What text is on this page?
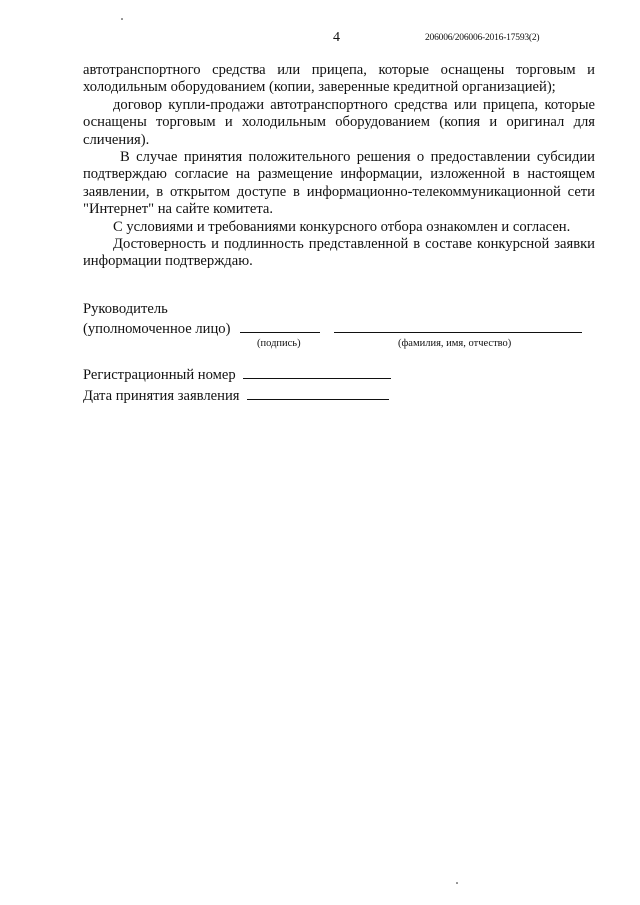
4	206006/206006-2016-17593(2)

автотранспортного средства или прицепа, которые оснащены торговым и холодильным оборудованием (копии, заверенные кредитной организацией);

договор купли-продажи автотранспортного средства или прицепа, которые оснащены торговым и холодильным оборудованием (копия и оригинал для сличения).

В случае принятия положительного решения о предоставлении субсидии подтверждаю согласие на размещение информации, изложенной в настоящем заявлении, в открытом доступе в информационно-телекоммуникационной сети "Интернет" на сайте комитета.

С условиями и требованиями конкурсного отбора ознакомлен и согласен.

Достоверность и подлинность представленной в составе конкурсной заявки информации подтверждаю.

Руководитель
(уполномоченное лицо)
(подпись)	(фамилия, имя, отчество)
Регистрационный номер
Дата принятия заявления
